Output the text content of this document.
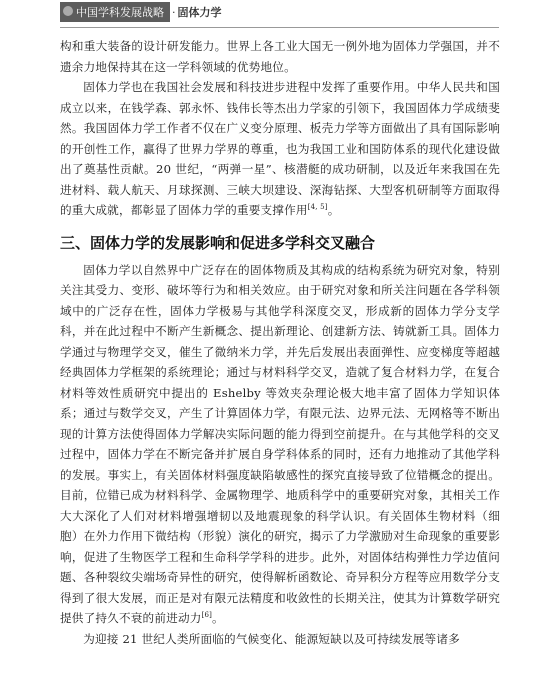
中国学科发展战略 · 固体力学

构和重大装备的设计研发能力。世界上各工业大国无一例外地为固体力学强国，并不遗余力地保持其在这一学科领域的优势地位。

固体力学也在我国社会发展和科技进步进程中发挥了重要作用。中华人民共和国成立以来，在钱学森、郭永怀、钱伟长等杰出力学家的引领下，我国固体力学成绩斐然。我国固体力学工作者不仅在广义变分原理、板壳力学等方面做出了具有国际影响的开创性工作，赢得了世界力学界的尊重，也为我国工业和国防体系的现代化建设做出了奠基性贡献。20 世纪，“两弹一星”、核潜艇的成功研制，以及近年来我国在先进材料、载人航天、月球探测、三峡大坝建设、深海钻探、大型客机研制等方面取得的重大成就，都彰显了固体力学的重要支撑作用[4, 5]。

三、固体力学的发展影响和促进多学科交叉融合

固体力学以自然界中广泛存在的固体物质及其构成的结构系统为研究对象，特别关注其受力、变形、破坏等行为和相关效应。由于研究对象和所关注问题在各学科领域中的广泛存在性，固体力学极易与其他学科深度交叉，形成新的固体力学分支学科，并在此过程中不断产生新概念、提出新理论、创建新方法、铸就新工具。固体力学通过与物理学交叉，催生了微纳米力学，并先后发展出表面弹性、应变梯度等超越经典固体力学框架的系统理论；通过与材料科学交叉，造就了复合材料力学，在复合材料等效性质研究中提出的 Eshelby 等效夹杂理论极大地丰富了固体力学知识体系；通过与数学交叉，产生了计算固体力学，有限元法、边界元法、无网格等不断出现的计算方法使得固体力学解决实际问题的能力得到空前提升。在与其他学科的交叉过程中，固体力学在不断完备并扩展自身学科体系的同时，还有力地推动了其他学科的发展。事实上，有关固体材料强度缺陷敏感性的探究直接导致了位错概念的提出。目前，位错已成为材料科学、金属物理学、地质科学中的重要研究对象，其相关工作大大深化了人们对材料增强增韧以及地震现象的科学认识。有关固体生物材料（细胞）在外力作用下微结构（形貌）演化的研究，揭示了力学激励对生命现象的重要影响，促进了生物医学工程和生命科学学科的进步。此外，对固体结构弹性力学边值问题、各种裂纹尖端场奇异性的研究，使得解析函数论、奇异积分方程等应用数学分支得到了很大发展，而正是对有限元法精度和收敛性的长期关注，使其为计算数学研究提供了持久不衰的前进动力[6]。

为迎接 21 世纪人类所面临的气候变化、能源短缺以及可持续发展等诸多
